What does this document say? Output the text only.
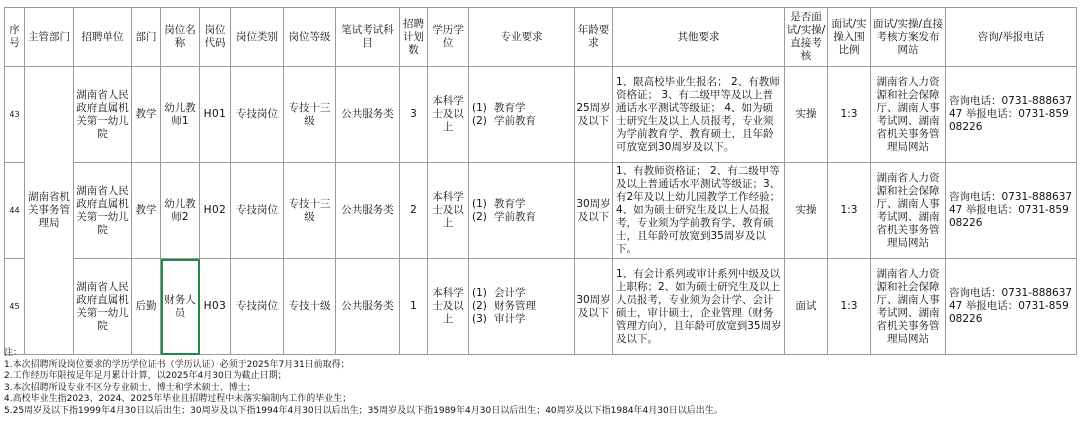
序号	主管部门	招聘单位	部门	岗位名称	岗位代码	岗位类别	岗位等级	笔试考试科目	招聘计划数	学历学位	专业要求	年龄要求	其他要求	是否面试/实操/直接考核	面试/实操入围比例	面试/实操/直接考核方案发布网站	咨询/举报电话
43	湖南省机关事务管理局	湖南省人民政府直属机关第一幼儿院	教学	幼儿教师1	H01	专技岗位	专技十三级	公共服务类	3	本科学士及以上	(1) 教育学
(2) 学前教育	25周岁及以下	1、限高校毕业生报名； 2、有教师资格证； 3、有二级甲等及以上普通话水平测试等级证； 4、如为硕士研究生及以上人员报考，专业须为学前教育学、教育硕士，且年龄可放宽到30周岁及以下。	实操	1:3	湖南省人力资源和社会保障厅、湖南人事考试网、湖南省机关事务管理局网站	咨询电话：0731-88863747 举报电话：0731-85908226
44		湖南省人民政府直属机关第一幼儿院	教学	幼儿教师2	H02	专技岗位	专技十三级	公共服务类	2	本科学士及以上	(1) 教育学
(2) 学前教育	30周岁及以下	1、有教师资格证； 2、有二级甲等及以上普通话水平测试等级证；3、有2年及以上幼儿园教学工作经验； 4、如为硕士研究生及以上人员报考，专业须为学前教育学、教育硕士，且年龄可放宽到35周岁及以下。	实操	1:3	湖南省人力资源和社会保障厅、湖南人事考试网、湖南省机关事务管理局网站	咨询电话：0731-88863747 举报电话：0731-85908226
45		湖南省人民政府直属机关第一幼儿院	后勤	财务人员	H03	专技岗位	专技十级	公共服务类	1	本科学士及以上	(1) 会计学
(2) 财务管理
(3) 审计学	30周岁及以下	1、有会计系列或审计系列中级及以上职称；2、如为硕士研究生及以上人员报考，专业须为会计学、会计硕士，审计硕士，企业管理（财务管理方向），且年龄可放宽到35周岁及以下。	面试	1:3	湖南省人力资源和社会保障厅、湖南人事考试网、湖南省机关事务管理局网站	咨询电话：0731-88863747 举报电话：0731-85908226
注：
1.本次招聘所设岗位要求的学历学位证书（学历认证）必须于2025年7月31日前取得；
2.工作经历年限按足年足月累计计算，以2025年4月30日为截止日期；
3.本次招聘所设专业不区分专业硕士、博士和学术硕士、博士；
4.高校毕业生指2023、2024、2025年毕业且招聘过程中未落实编制内工作的毕业生；
5.25周岁及以下指1999年4月30日以后出生；30周岁及以下指1994年4月30日以后出生；35周岁及以下指1989年4月30日以后出生；40周岁及以下指1984年4月30日以后出生。
